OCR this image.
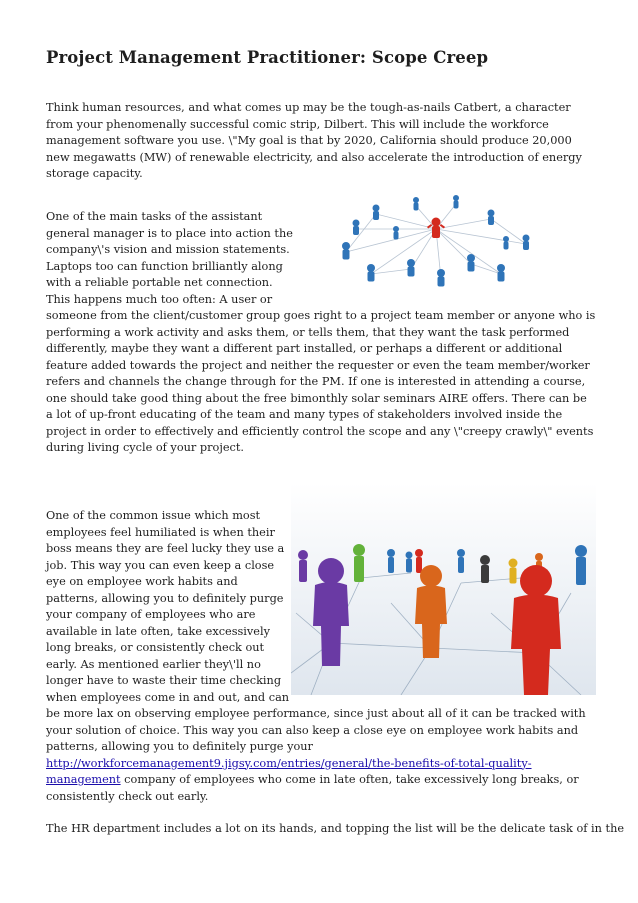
Project Management Practitioner: Scope Creep

Think human resources, and what comes up may be the tough-as-nails Catbert, a character from your phenomenally successful comic strip, Dilbert. This will include the workforce management software you use. \"My goal is that by 2020, California should produce 20,000 new megawatts (MW) of renewable electricity, and also accelerate the introduction of energy storage capacity.

One of the main tasks of the assistant general manager is to place into action the company\'s vision and mission statements. Laptops too can function brilliantly along with a reliable portable net connection. This happens much too often: A user or someone from the client/customer group goes right to a project team member or anyone who is performing a work activity and asks them, or tells them, that they want the task performed differently, maybe they want a different part installed, or perhaps a different or additional feature added towards the project and neither the requester or even the team member/worker refers and channels the change through for the PM. If one is interested in attending a course, one should take good thing about the free bimonthly solar seminars AIRE offers. There can be a lot of up-front educating of the team and many types of stakeholders involved inside the project in order to effectively and efficiently control the scope and any \"creepy crawly\" events during living cycle of your project.

One of the common issue which most employees feel humiliated is when their boss means they are feel lucky they use a job. This way you can even keep a close eye on employee work habits and patterns, allowing you to definitely purge your company of employees who are available in late often, take excessively long breaks, or consistently check out early. As mentioned earlier they\'ll no longer have to waste their time checking when employees come in and out, and can be more lax on observing employee performance, since just about all of it can be tracked with your solution of choice. This way you can also keep a close eye on employee work habits and patterns, allowing you to definitely purge your http://workforcemanagement9.jigsy.com/entries/general/the-benefits-of-total-quality-management company of employees who come in late often, take excessively long breaks, or consistently check out early.

The HR department includes a lot on its hands, and topping the list will be the delicate task of in the
